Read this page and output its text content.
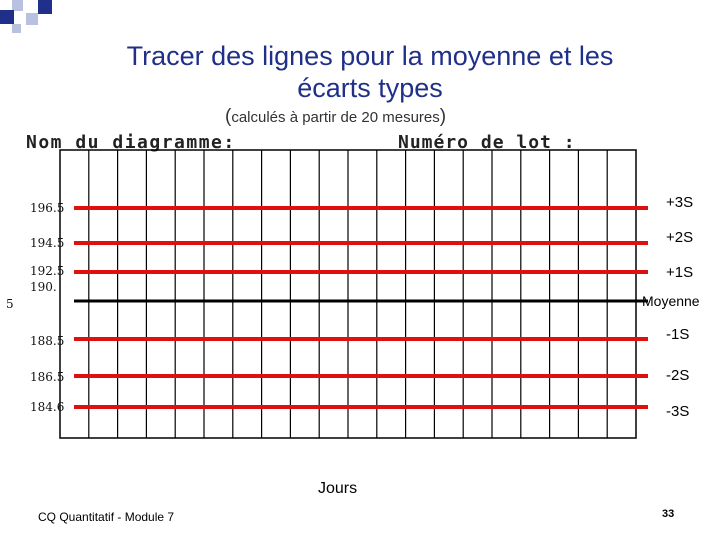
Tracer des lignes pour la moyenne et les
écarts types
(calculés à partir de 20 mesures)
Nom du diagramme:	Numéro de lot :
196.5
194.5
192.5
190.
5
188.5
186.5
184.6
+3S
+2S
+1S
Moyenne
-1S
-2S
-3S
Jours
CQ Quantitatif - Module 7	33
